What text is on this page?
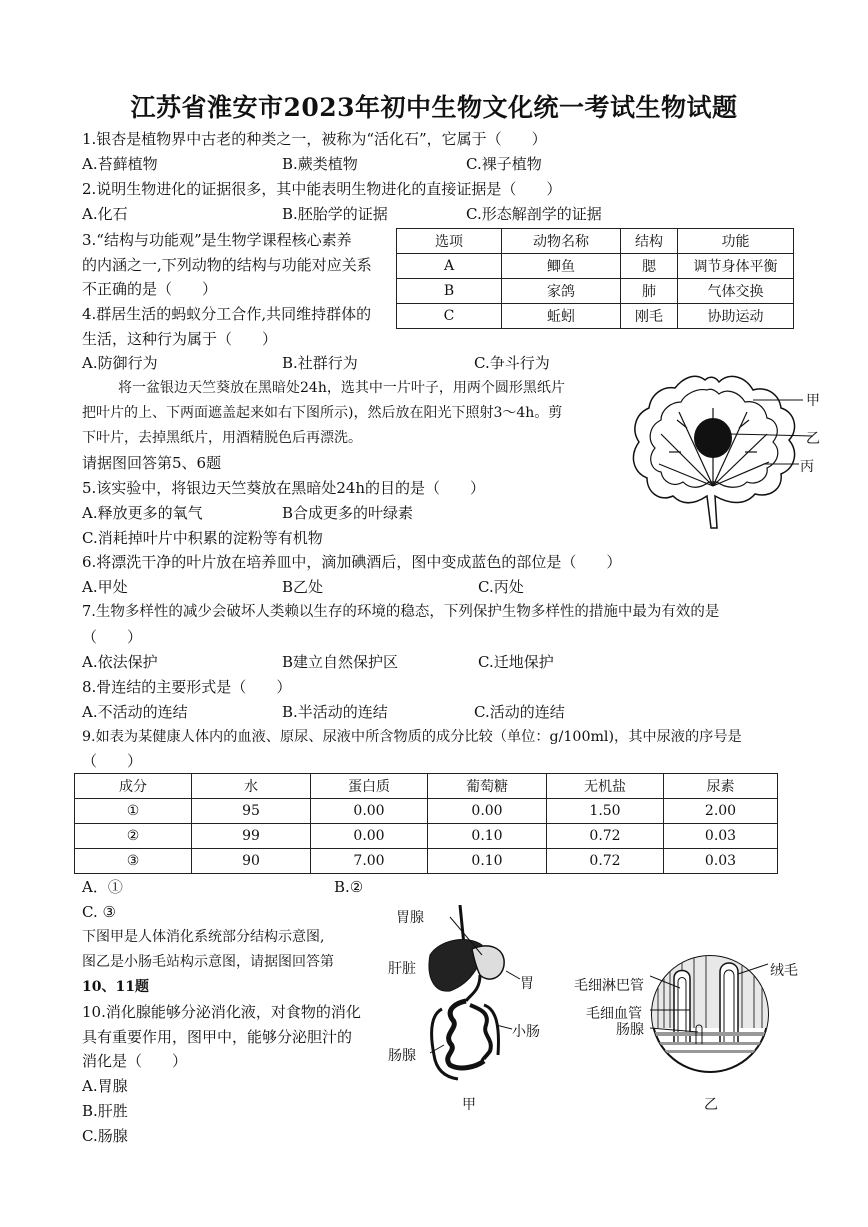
江苏省淮安市2023年初中生物文化统一考试生物试题
1.银杏是植物界中古老的种类之一，被称为“活化石”，它属于（　　）
A.苔藓植物	B.蕨类植物	C.裸子植物
2.说明生物进化的证据很多，其中能表明生物进化的直接证据是（　　）
A.化石	B.胚胎学的证据	C.形态解剖学的证据
3.“结构与功能观”是生物学课程核心素养
的内涵之一,下列动物的结构与功能对应关系
不正确的是（　　）
选项	动物名称	结构	功能
A	鲫鱼	腮	调节身体平衡
B	家鸽	肺	气体交换
C	蚯蚓	刚毛	协助运动
4.群居生活的蚂蚁分工合作,共同维持群体的
生活，这种行为属于（　　）
A.防御行为	B.社群行为	C.争斗行为
将一盆银边天竺葵放在黑暗处24h，选其中一片叶子，用两个圆形黑纸片
把叶片的上、下两面遮盖起来如右下图所示)，然后放在阳光下照射3～4h。剪
下叶片，去掉黑纸片，用酒精脱色后再漂洗。
请据图回答第5、6题
甲
乙
丙
5.该实验中，将银边天竺葵放在黑暗处24h的目的是（　　）
A.释放更多的氧气	B合成更多的叶绿素
C.消耗掉叶片中积累的淀粉等有机物
6.将漂洗干净的叶片放在培养皿中，滴加碘酒后，图中变成蓝色的部位是（　　）
A.甲处	B乙处	C.丙处
7.生物多样性的减少会破坏人类赖以生存的环境的稳态，下列保护生物多样性的措施中最为有效的是
（　　）
A.依法保护	B建立自然保护区	C.迁地保护
8.骨连结的主要形式是（　　）
A.不活动的连结	B.半活动的连结	C.活动的连结
9.如表为某健康人体内的血液、原尿、尿液中所含物质的成分比较（单位：g/100ml)，其中尿液的序号是
（　　）
成分	水	蛋白质	葡萄糖	无机盐	尿素
①	95	0.00	0.00	1.50	2.00
②	99	0.00	0.10	0.72	0.03
③	90	7.00	0.10	0.72	0.03
A．①	B.②
C. ③
下图甲是人体消化系统部分结构示意图,
图乙是小肠毛站构示意图，请据图回答第
10、11题
10.消化腺能够分泌消化液，对食物的消化
具有重要作用，图甲中，能够分泌胆汁的
消化是（　　）
A.胃腺
B.肝胜
C.肠腺
胃腺
肝脏
胃
小肠
肠腺
甲
毛细淋巴管
毛细血管
肠腺
绒毛
乙
